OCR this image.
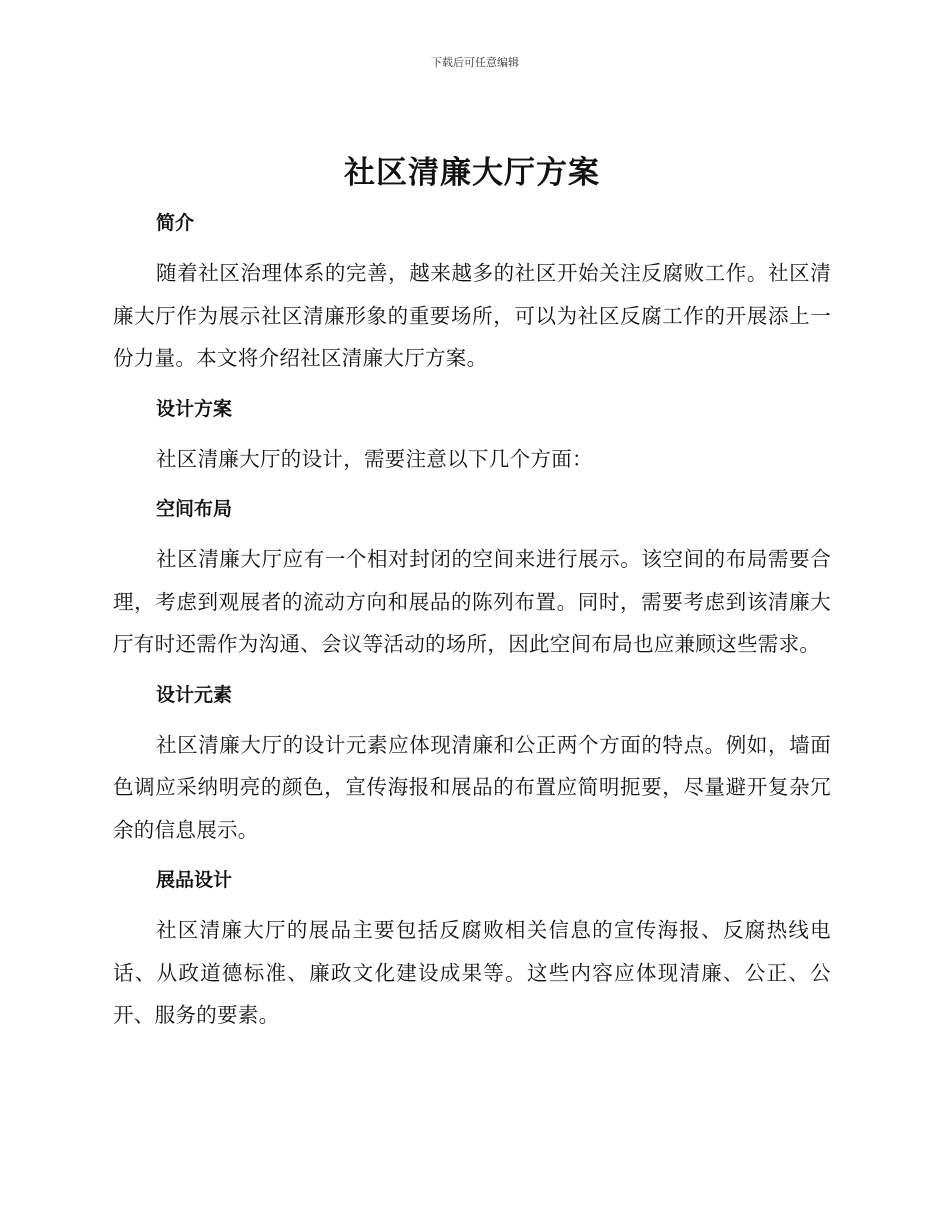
下载后可任意编辑
社区清廉大厅方案
简介

随着社区治理体系的完善，越来越多的社区开始关注反腐败工作。社区清廉大厅作为展示社区清廉形象的重要场所，可以为社区反腐工作的开展添上一份力量。本文将介绍社区清廉大厅方案。

设计方案

社区清廉大厅的设计，需要注意以下几个方面：

空间布局

社区清廉大厅应有一个相对封闭的空间来进行展示。该空间的布局需要合理，考虑到观展者的流动方向和展品的陈列布置。同时，需要考虑到该清廉大厅有时还需作为沟通、会议等活动的场所，因此空间布局也应兼顾这些需求。

设计元素

社区清廉大厅的设计元素应体现清廉和公正两个方面的特点。例如，墙面色调应采纳明亮的颜色，宣传海报和展品的布置应简明扼要，尽量避开复杂冗余的信息展示。

展品设计

社区清廉大厅的展品主要包括反腐败相关信息的宣传海报、反腐热线电话、从政道德标准、廉政文化建设成果等。这些内容应体现清廉、公正、公开、服务的要素。
